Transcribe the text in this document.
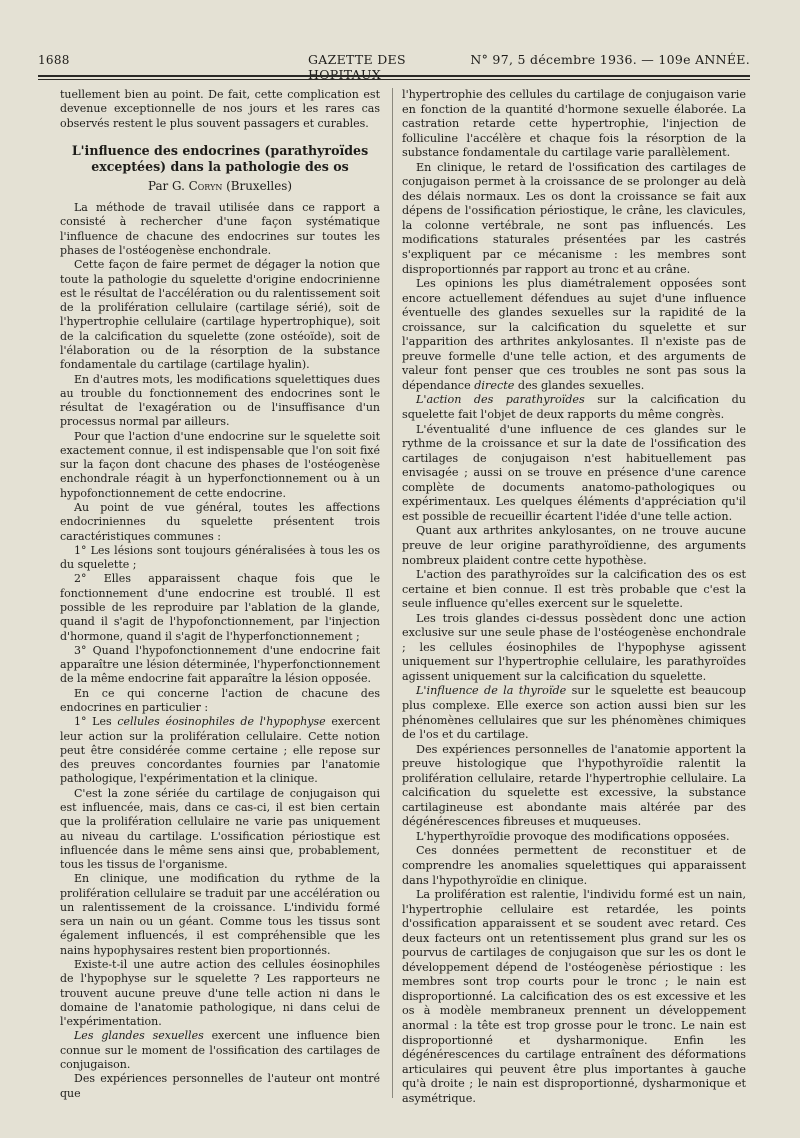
1688	GAZETTE DES HOPITAUX
N° 97, 5 décembre 1936. — 109e ANNÉE.

tuellement bien au point. De fait, cette complication est devenue exceptionnelle de nos jours et les rares cas observés restent le plus souvent passagers et curables.

L'influence des endocrines (parathyroïdes exceptées) dans la pathologie des os
Par G. Coryn (Bruxelles)

La méthode de travail utilisée dans ce rapport a consisté à rechercher d'une façon systématique l'influence de chacune des endocrines sur toutes les phases de l'ostéogenèse enchondrale.

Cette façon de faire permet de dégager la notion que toute la pathologie du squelette d'origine endocrinienne est le résultat de l'accélération ou du ralentissement soit de la prolifération cellulaire (cartilage sérié), soit de l'hypertrophie cellulaire (cartilage hypertrophique), soit de la calcification du squelette (zone ostéoïde), soit de l'élaboration ou de la résorption de la substance fondamentale du cartilage (cartilage hyalin).

En d'autres mots, les modifications squelettiques dues au trouble du fonctionnement des endocrines sont le résultat de l'exagération ou de l'insuffisance d'un processus normal par ailleurs.

Pour que l'action d'une endocrine sur le squelette soit exactement connue, il est indispensable que l'on soit fixé sur la façon dont chacune des phases de l'ostéogenèse enchondrale réagit à un hyperfonctionnement ou à un hypofonctionnement de cette endocrine.

Au point de vue général, toutes les affections endocriniennes du squelette présentent trois caractéristiques communes :

1° Les lésions sont toujours généralisées à tous les os du squelette ;

2° Elles apparaissent chaque fois que le fonctionnement d'une endocrine est troublé. Il est possible de les reproduire par l'ablation de la glande, quand il s'agit de l'hypofonctionnement, par l'injection d'hormone, quand il s'agit de l'hyperfonctionnement ;

3° Quand l'hypofonctionnement d'une endocrine fait apparaître une lésion déterminée, l'hyperfonctionnement de la même endocrine fait apparaître la lésion opposée.

En ce qui concerne l'action de chacune des endocrines en particulier :

1° Les cellules éosinophiles de l'hypophyse exercent leur action sur la prolifération cellulaire. Cette notion peut être considérée comme certaine ; elle repose sur des preuves concordantes fournies par l'anatomie pathologique, l'expérimentation et la clinique.

C'est la zone sériée du cartilage de conjugaison qui est influencée, mais, dans ce cas-ci, il est bien certain que la prolifération cellulaire ne varie pas uniquement au niveau du cartilage. L'ossification périostique est influencée dans le même sens ainsi que, probablement, tous les tissus de l'organisme.

En clinique, une modification du rythme de la prolifération cellulaire se traduit par une accélération ou un ralentissement de la croissance. L'individu formé sera un nain ou un géant. Comme tous les tissus sont également influencés, il est compréhensible que les nains hypophysaires restent bien proportionnés.

Existe-t-il une autre action des cellules éosinophiles de l'hypophyse sur le squelette ? Les rapporteurs ne trouvent aucune preuve d'une telle action ni dans le domaine de l'anatomie pathologique, ni dans celui de l'expérimentation.

Les glandes sexuelles exercent une influence bien connue sur le moment de l'ossification des cartilages de conjugaison.

Des expériences personnelles de l'auteur ont montré que

l'hypertrophie des cellules du cartilage de conjugaison varie en fonction de la quantité d'hormone sexuelle élaborée. La castration retarde cette hypertrophie, l'injection de folliculine l'accélère et chaque fois la résorption de la substance fondamentale du cartilage varie parallèlement.

En clinique, le retard de l'ossification des cartilages de conjugaison permet à la croissance de se prolonger au delà des délais normaux. Les os dont la croissance se fait aux dépens de l'ossification périostique, le crâne, les clavicules, la colonne vertébrale, ne sont pas influencés. Les modifications staturales présentées par les castrés s'expliquent par ce mécanisme : les membres sont disproportionnés par rapport au tronc et au crâne.

Les opinions les plus diamétralement opposées sont encore actuellement défendues au sujet d'une influence éventuelle des glandes sexuelles sur la rapidité de la croissance, sur la calcification du squelette et sur l'apparition des arthrites ankylosantes. Il n'existe pas de preuve formelle d'une telle action, et des arguments de valeur font penser que ces troubles ne sont pas sous la dépendance directe des glandes sexuelles.

L'action des parathyroïdes sur la calcification du squelette fait l'objet de deux rapports du même congrès.

L'éventualité d'une influence de ces glandes sur le rythme de la croissance et sur la date de l'ossification des cartilages de conjugaison n'est habituellement pas envisagée ; aussi on se trouve en présence d'une carence complète de documents anatomo-pathologiques ou expérimentaux. Les quelques éléments d'appréciation qu'il est possible de recueillir écartent l'idée d'une telle action.

Quant aux arthrites ankylosantes, on ne trouve aucune preuve de leur origine parathyroïdienne, des arguments nombreux plaident contre cette hypothèse.

L'action des parathyroïdes sur la calcification des os est certaine et bien connue. Il est très probable que c'est la seule influence qu'elles exercent sur le squelette.

Les trois glandes ci-dessus possèdent donc une action exclusive sur une seule phase de l'ostéogenèse enchondrale ; les cellules éosinophiles de l'hypophyse agissent uniquement sur l'hypertrophie cellulaire, les parathyroïdes agissent uniquement sur la calcification du squelette.

L'influence de la thyroïde sur le squelette est beaucoup plus complexe. Elle exerce son action aussi bien sur les phénomènes cellulaires que sur les phénomènes chimiques de l'os et du cartilage.

Des expériences personnelles de l'anatomie apportent la preuve histologique que l'hypothyroïdie ralentit la prolifération cellulaire, retarde l'hypertrophie cellulaire. La calcification du squelette est excessive, la substance cartilagineuse est abondante mais altérée par des dégénérescences fibreuses et muqueuses.

L'hyperthyroïdie provoque des modifications opposées.

Ces données permettent de reconstituer et de comprendre les anomalies squelettiques qui apparaissent dans l'hypothyroïdie en clinique.

La prolifération est ralentie, l'individu formé est un nain, l'hypertrophie cellulaire est retardée, les points d'ossification apparaissent et se soudent avec retard. Ces deux facteurs ont un retentissement plus grand sur les os pourvus de cartilages de conjugaison que sur les os dont le développement dépend de l'ostéogenèse périostique : les membres sont trop courts pour le tronc ; le nain est disproportionné. La calcification des os est excessive et les os à modèle membraneux prennent un développement anormal : la tête est trop grosse pour le tronc. Le nain est disproportionné et dysharmonique. Enfin les dégénérescences du cartilage entraînent des déformations articulaires qui peuvent être plus importantes à gauche qu'à droite ; le nain est disproportionné, dysharmonique et asymétrique.
